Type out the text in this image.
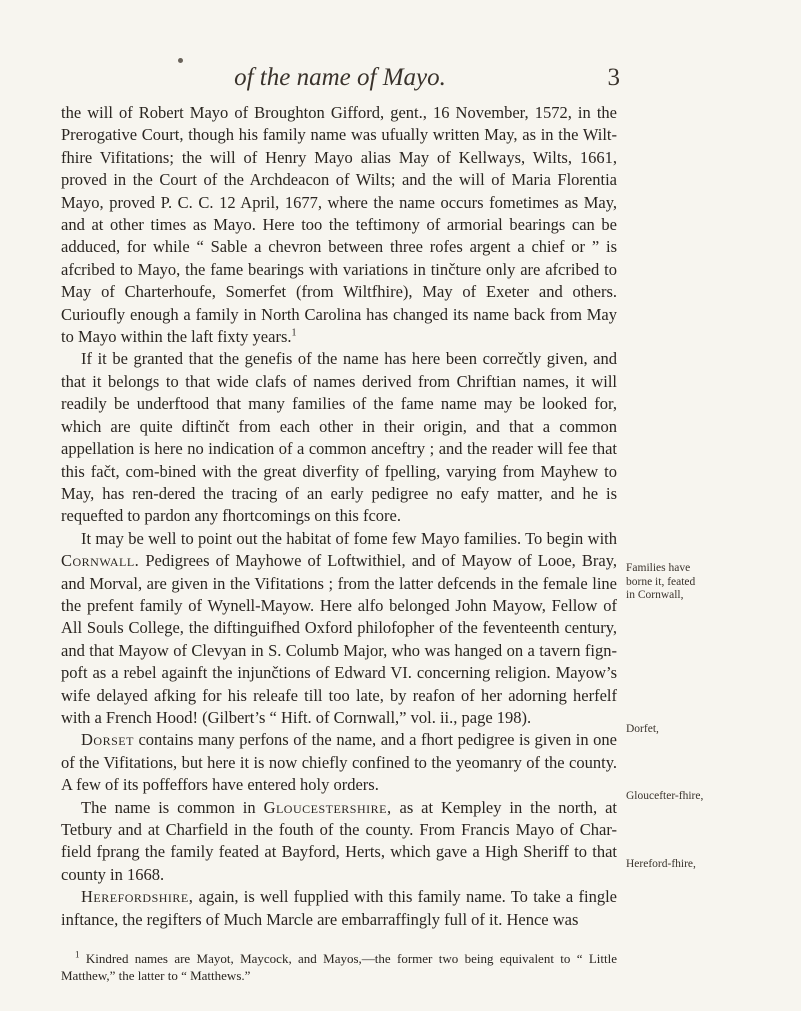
of the name of Mayo.	3

the will of Robert Mayo of Broughton Gifford, gent., 16 November, 1572, in the Prerogative Court, though his family name was ufually written May, as in the Wilt-fhire Vifitations; the will of Henry Mayo alias May of Kellways, Wilts, 1661, proved in the Court of the Archdeacon of Wilts; and the will of Maria Florentia Mayo, proved P. C. C. 12 April, 1677, where the name occurs fometimes as May, and at other times as Mayo. Here too the teftimony of armorial bearings can be adduced, for while “ Sable a chevron between three rofes argent a chief or ” is afcribed to Mayo, the fame bearings with variations in tinčture only are afcribed to May of Charterhoufe, Somerfet (from Wiltfhire), May of Exeter and others. Curioufly enough a family in North Carolina has changed its name back from May to Mayo within the laft fixty years.$^1$

If it be granted that the genefis of the name has here been correčtly given, and that it belongs to that wide clafs of names derived from Chriftian names, it will readily be underftood that many families of the fame name may be looked for, which are quite diftinčt from each other in their origin, and that a common appellation is here no indication of a common anceftry ; and the reader will fee that this fačt, com-bined with the great diverfity of fpelling, varying from Mayhew to May, has ren-dered the tracing of an early pedigree no eafy matter, and he is requefted to pardon any fhortcomings on this fcore.

It may be well to point out the habitat of fome few Mayo families. To begin with Cornwall. Pedigrees of Mayhowe of Loftwithiel, and of Mayow of Looe, Bray, and Morval, are given in the Vifitations ; from the latter defcends in the female line the prefent family of Wynell-Mayow. Here alfo belonged John Mayow, Fellow of All Souls College, the diftinguifhed Oxford philofopher of the feventeenth century, and that Mayow of Clevyan in S. Columb Major, who was hanged on a tavern fign-poft as a rebel againft the injunčtions of Edward VI. concerning religion. Mayow’s wife delayed afking for his releafe till too late, by reafon of her adorning herfelf with a French Hood! (Gilbert’s “ Hift. of Cornwall,” vol. ii., page 198).

Dorset contains many perfons of the name, and a fhort pedigree is given in one of the Vifitations, but here it is now chiefly confined to the yeomanry of the county. A few of its poffeffors have entered holy orders.

The name is common in Gloucestershire, as at Kempley in the north, at Tetbury and at Charfield in the fouth of the county. From Francis Mayo of Char-field fprang the family feated at Bayford, Herts, which gave a High Sheriff to that county in 1668.

Herefordshire, again, is well fupplied with this family name. To take a fingle inftance, the regifters of Much Marcle are embarraffingly full of it. Hence was

Families have borne it, feated in Cornwall,
Dorfet,
Gloucefter-fhire,
Hereford-fhire,
$^1$ Kindred names are Mayot, Maycock, and Mayos,—the former two being equivalent to “ Little Matthew,” the latter to “ Matthews.”
